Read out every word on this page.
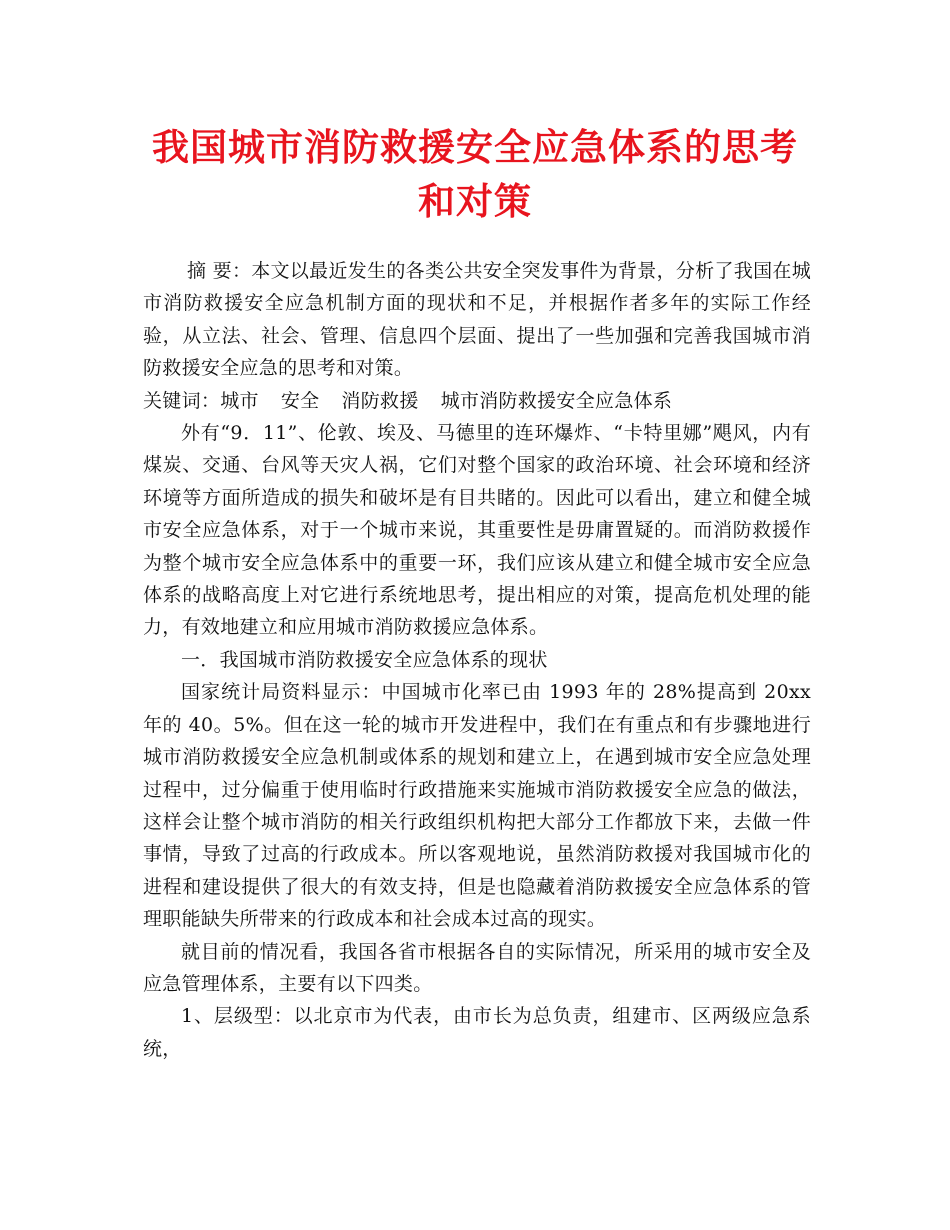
我国城市消防救援安全应急体系的思考和对策

摘 要：本文以最近发生的各类公共安全突发事件为背景，分析了我国在城市消防救援安全应急机制方面的现状和不足，并根据作者多年的实际工作经验，从立法、社会、管理、信息四个层面、提出了一些加强和完善我国城市消防救援安全应急的思考和对策。

关键词：城市 安全 消防救援 城市消防救援安全应急体系

外有“9．11”、伦敦、埃及、马德里的连环爆炸、“卡特里娜”飓风，内有煤炭、交通、台风等天灾人祸，它们对整个国家的政治环境、社会环境和经济环境等方面所造成的损失和破坏是有目共睹的。因此可以看出，建立和健全城市安全应急体系，对于一个城市来说，其重要性是毋庸置疑的。而消防救援作为整个城市安全应急体系中的重要一环，我们应该从建立和健全城市安全应急体系的战略高度上对它进行系统地思考，提出相应的对策，提高危机处理的能力，有效地建立和应用城市消防救援应急体系。

一．我国城市消防救援安全应急体系的现状

国家统计局资料显示：中国城市化率已由 1993 年的 28%提高到 20xx 年的 40。5%。但在这一轮的城市开发进程中，我们在有重点和有步骤地进行城市消防救援安全应急机制或体系的规划和建立上，在遇到城市安全应急处理过程中，过分偏重于使用临时行政措施来实施城市消防救援安全应急的做法，这样会让整个城市消防的相关行政组织机构把大部分工作都放下来，去做一件事情，导致了过高的行政成本。所以客观地说，虽然消防救援对我国城市化的进程和建设提供了很大的有效支持，但是也隐藏着消防救援安全应急体系的管理职能缺失所带来的行政成本和社会成本过高的现实。

就目前的情况看，我国各省市根据各自的实际情况，所采用的城市安全及应急管理体系，主要有以下四类。

1、层级型：以北京市为代表，由市长为总负责，组建市、区两级应急系统，
